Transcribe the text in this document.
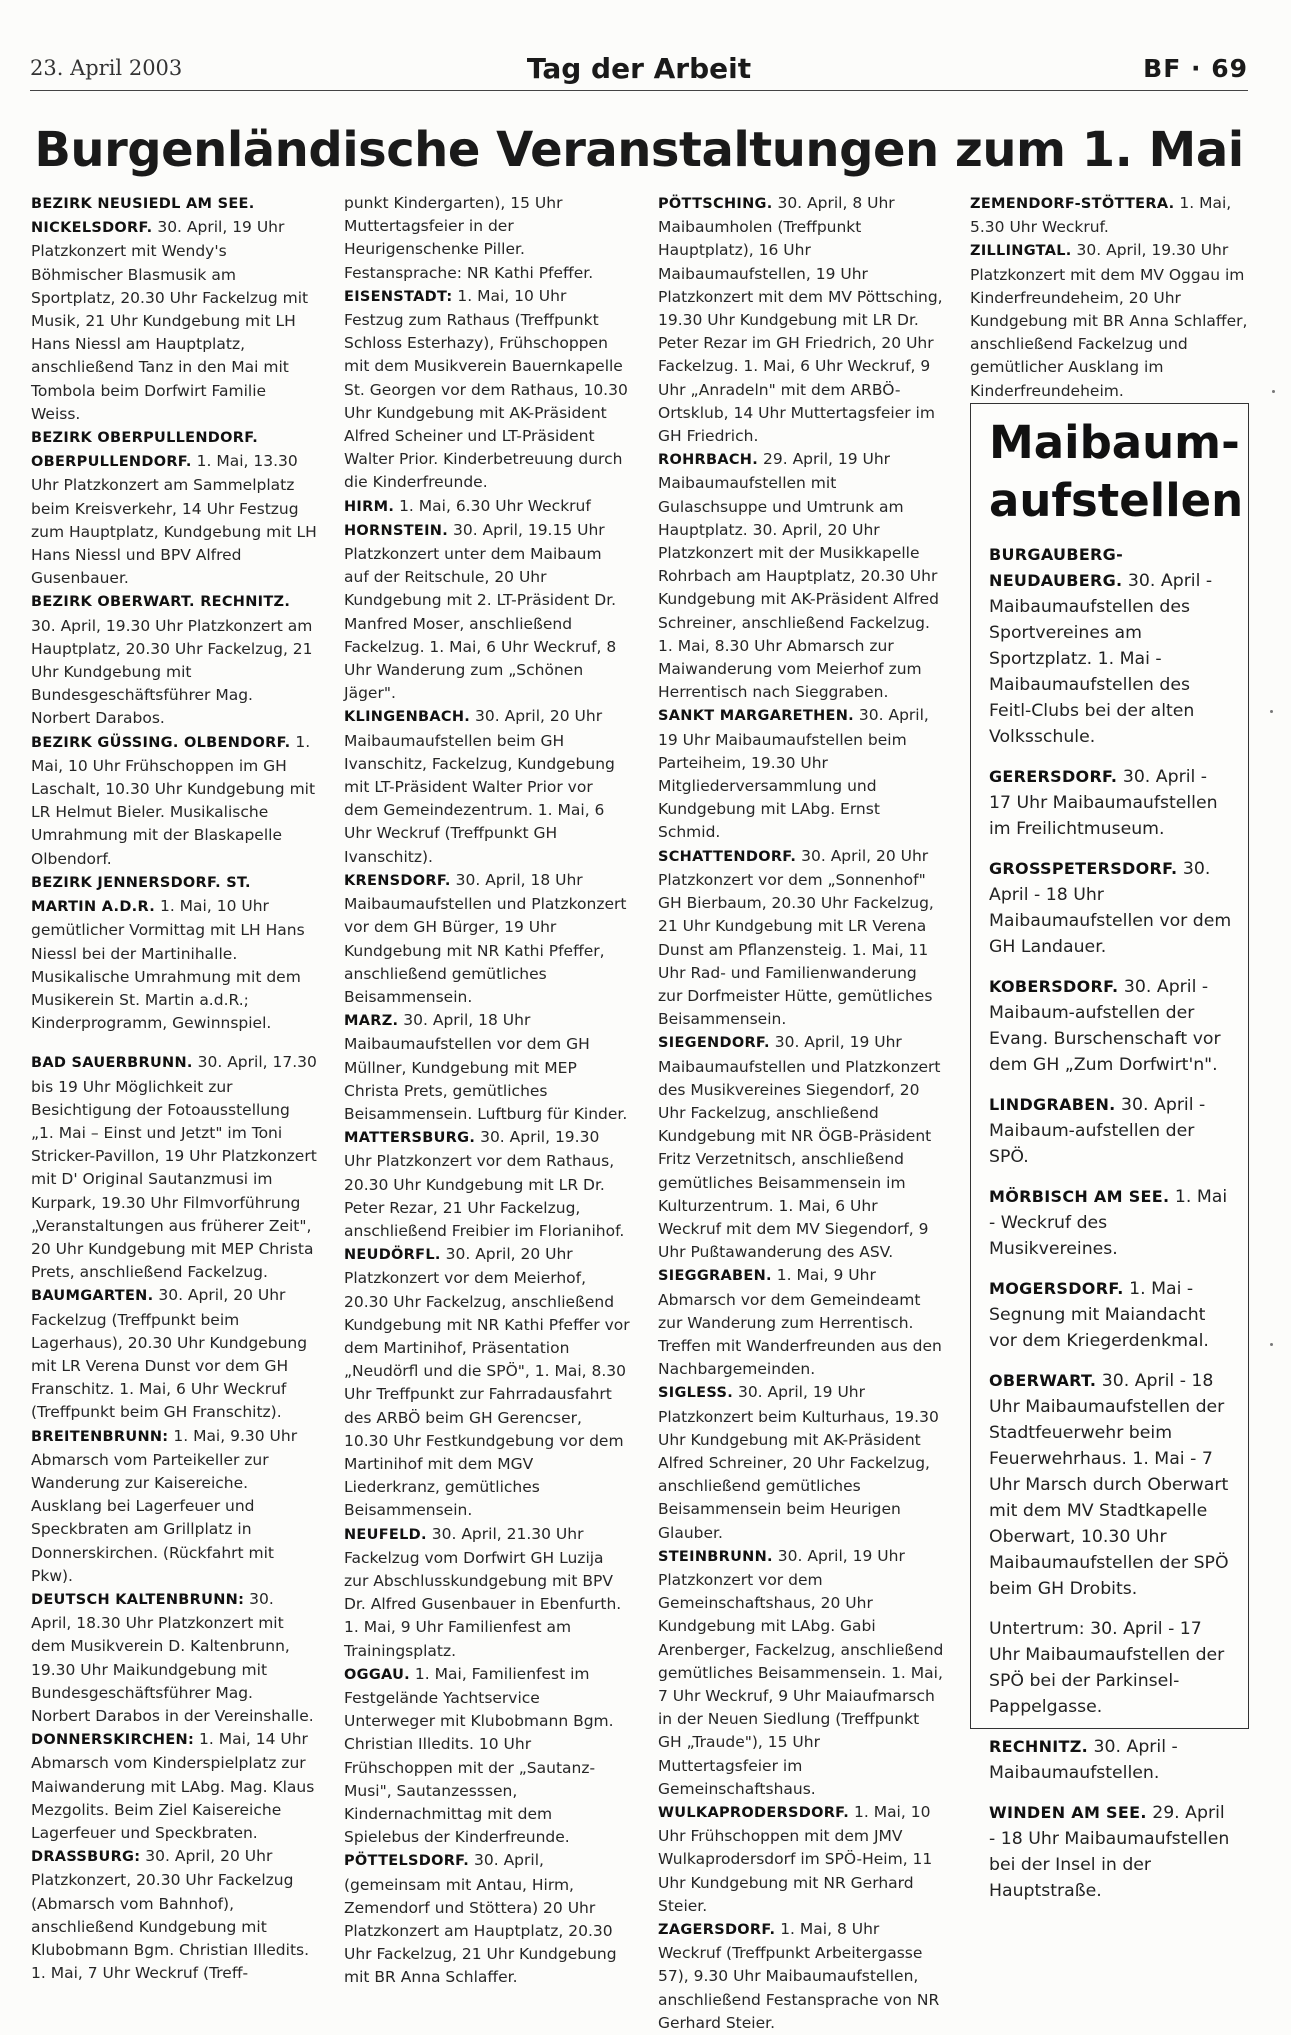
23. April 2003	Tag der Arbeit	BF · 69
Burgenländische Veranstaltungen zum 1. Mai

BEZIRK NEUSIEDL AM SEE. NICKELSDORF. 30. April, 19 Uhr Platzkonzert mit Wendy's Böhmischer Blasmusik am Sportplatz, 20.30 Uhr Fackelzug mit Musik, 21 Uhr Kundgebung mit LH Hans Niessl am Hauptplatz, anschließend Tanz in den Mai mit Tombola beim Dorfwirt Familie Weiss.

BEZIRK OBERPULLENDORF. OBERPULLENDORF. 1. Mai, 13.30 Uhr Platzkonzert am Sammelplatz beim Kreisverkehr, 14 Uhr Festzug zum Hauptplatz, Kundgebung mit LH Hans Niessl und BPV Alfred Gusenbauer.

BEZIRK OBERWART. RECHNITZ. 30. April, 19.30 Uhr Platzkonzert am Hauptplatz, 20.30 Uhr Fackelzug, 21 Uhr Kundgebung mit Bundesgeschäftsführer Mag. Norbert Darabos.

BEZIRK GÜSSING. OLBENDORF. 1. Mai, 10 Uhr Frühschoppen im GH Laschalt, 10.30 Uhr Kundgebung mit LR Helmut Bieler. Musikalische Umrahmung mit der Blaskapelle Olbendorf.

BEZIRK JENNERSDORF. ST. MARTIN A.D.R. 1. Mai, 10 Uhr gemütlicher Vormittag mit LH Hans Niessl bei der Martinihalle. Musikalische Umrahmung mit dem Musikerein St. Martin a.d.R.; Kinderprogramm, Gewinnspiel.

BAD SAUERBRUNN. 30. April, 17.30 bis 19 Uhr Möglichkeit zur Besichtigung der Fotoausstellung „1. Mai – Einst und Jetzt" im Toni Stricker-Pavillon, 19 Uhr Platzkonzert mit D' Original Sautanzmusi im Kurpark, 19.30 Uhr Filmvorführung „Veranstaltungen aus früherer Zeit", 20 Uhr Kundgebung mit MEP Christa Prets, anschließend Fackelzug.

BAUMGARTEN. 30. April, 20 Uhr Fackelzug (Treffpunkt beim Lagerhaus), 20.30 Uhr Kundgebung mit LR Verena Dunst vor dem GH Franschitz. 1. Mai, 6 Uhr Weckruf (Treffpunkt beim GH Franschitz).

BREITENBRUNN: 1. Mai, 9.30 Uhr Abmarsch vom Parteikeller zur Wanderung zur Kaisereiche. Ausklang bei Lagerfeuer und Speckbraten am Grillplatz in Donnerskirchen. (Rückfahrt mit Pkw).

DEUTSCH KALTENBRUNN: 30. April, 18.30 Uhr Platzkonzert mit dem Musikverein D. Kaltenbrunn, 19.30 Uhr Maikundgebung mit Bundesgeschäftsführer Mag. Norbert Darabos in der Vereinshalle.

DONNERSKIRCHEN: 1. Mai, 14 Uhr Abmarsch vom Kinderspielplatz zur Maiwanderung mit LAbg. Mag. Klaus Mezgolits. Beim Ziel Kaisereiche Lagerfeuer und Speckbraten.

DRASSBURG: 30. April, 20 Uhr Platzkonzert, 20.30 Uhr Fackelzug (Abmarsch vom Bahnhof), anschließend Kundgebung mit Klubobmann Bgm. Christian Illedits. 1. Mai, 7 Uhr Weckruf (Treff-

punkt Kindergarten), 15 Uhr Muttertagsfeier in der Heurigenschenke Piller. Festansprache: NR Kathi Pfeffer.

EISENSTADT: 1. Mai, 10 Uhr Festzug zum Rathaus (Treffpunkt Schloss Esterhazy), Frühschoppen mit dem Musikverein Bauernkapelle St. Georgen vor dem Rathaus, 10.30 Uhr Kundgebung mit AK-Präsident Alfred Scheiner und LT-Präsident Walter Prior. Kinderbetreuung durch die Kinderfreunde.

HIRM. 1. Mai, 6.30 Uhr Weckruf

HORNSTEIN. 30. April, 19.15 Uhr Platzkonzert unter dem Maibaum auf der Reitschule, 20 Uhr Kundgebung mit 2. LT-Präsident Dr. Manfred Moser, anschließend Fackelzug. 1. Mai, 6 Uhr Weckruf, 8 Uhr Wanderung zum „Schönen Jäger".

KLINGENBACH. 30. April, 20 Uhr Maibaumaufstellen beim GH Ivanschitz, Fackelzug, Kundgebung mit LT-Präsident Walter Prior vor dem Gemeindezentrum. 1. Mai, 6 Uhr Weckruf (Treffpunkt GH Ivanschitz).

KRENSDORF. 30. April, 18 Uhr Maibaumaufstellen und Platzkonzert vor dem GH Bürger, 19 Uhr Kundgebung mit NR Kathi Pfeffer, anschließend gemütliches Beisammensein.

MARZ. 30. April, 18 Uhr Maibaumaufstellen vor dem GH Müllner, Kundgebung mit MEP Christa Prets, gemütliches Beisammensein. Luftburg für Kinder.

MATTERSBURG. 30. April, 19.30 Uhr Platzkonzert vor dem Rathaus, 20.30 Uhr Kundgebung mit LR Dr. Peter Rezar, 21 Uhr Fackelzug, anschließend Freibier im Florianihof.

NEUDÖRFL. 30. April, 20 Uhr Platzkonzert vor dem Meierhof, 20.30 Uhr Fackelzug, anschließend Kundgebung mit NR Kathi Pfeffer vor dem Martinihof, Präsentation „Neudörfl und die SPÖ", 1. Mai, 8.30 Uhr Treffpunkt zur Fahrradausfahrt des ARBÖ beim GH Gerencser, 10.30 Uhr Festkundgebung vor dem Martinihof mit dem MGV Liederkranz, gemütliches Beisammensein.

NEUFELD. 30. April, 21.30 Uhr Fackelzug vom Dorfwirt GH Luzija zur Abschlusskundgebung mit BPV Dr. Alfred Gusenbauer in Ebenfurth. 1. Mai, 9 Uhr Familienfest am Trainingsplatz.

OGGAU. 1. Mai, Familienfest im Festgelände Yachtservice Unterweger mit Klubobmann Bgm. Christian Illedits. 10 Uhr Frühschoppen mit der „Sautanz-Musi", Sautanzesssen, Kindernachmittag mit dem Spielebus der Kinderfreunde.

PÖTTELSDORF. 30. April, (gemeinsam mit Antau, Hirm, Zemendorf und Stöttera) 20 Uhr Platzkonzert am Hauptplatz, 20.30 Uhr Fackelzug, 21 Uhr Kundgebung mit BR Anna Schlaffer.

PÖTTSCHING. 30. April, 8 Uhr Maibaumholen (Treffpunkt Hauptplatz), 16 Uhr Maibaumaufstellen, 19 Uhr Platzkonzert mit dem MV Pöttsching, 19.30 Uhr Kundgebung mit LR Dr. Peter Rezar im GH Friedrich, 20 Uhr Fackelzug. 1. Mai, 6 Uhr Weckruf, 9 Uhr „Anradeln" mit dem ARBÖ-Ortsklub, 14 Uhr Muttertagsfeier im GH Friedrich.

ROHRBACH. 29. April, 19 Uhr Maibaumaufstellen mit Gulaschsuppe und Umtrunk am Hauptplatz. 30. April, 20 Uhr Platzkonzert mit der Musikkapelle Rohrbach am Hauptplatz, 20.30 Uhr Kundgebung mit AK-Präsident Alfred Schreiner, anschließend Fackelzug. 1. Mai, 8.30 Uhr Abmarsch zur Maiwanderung vom Meierhof zum Herrentisch nach Sieggraben.

SANKT MARGARETHEN. 30. April, 19 Uhr Maibaumaufstellen beim Parteiheim, 19.30 Uhr Mitgliederversammlung und Kundgebung mit LAbg. Ernst Schmid.

SCHATTENDORF. 30. April, 20 Uhr Platzkonzert vor dem „Sonnenhof" GH Bierbaum, 20.30 Uhr Fackelzug, 21 Uhr Kundgebung mit LR Verena Dunst am Pflanzensteig. 1. Mai, 11 Uhr Rad- und Familienwanderung zur Dorfmeister Hütte, gemütliches Beisammensein.

SIEGENDORF. 30. April, 19 Uhr Maibaumaufstellen und Platzkonzert des Musikvereines Siegendorf, 20 Uhr Fackelzug, anschließend Kundgebung mit NR ÖGB-Präsident Fritz Verzetnitsch, anschließend gemütliches Beisammensein im Kulturzentrum. 1. Mai, 6 Uhr Weckruf mit dem MV Siegendorf, 9 Uhr Pußtawanderung des ASV.

SIEGGRABEN. 1. Mai, 9 Uhr Abmarsch vor dem Gemeindeamt zur Wanderung zum Herrentisch. Treffen mit Wanderfreunden aus den Nachbargemeinden.

SIGLESS. 30. April, 19 Uhr Platzkonzert beim Kulturhaus, 19.30 Uhr Kundgebung mit AK-Präsident Alfred Schreiner, 20 Uhr Fackelzug, anschließend gemütliches Beisammensein beim Heurigen Glauber.

STEINBRUNN. 30. April, 19 Uhr Platzkonzert vor dem Gemeinschaftshaus, 20 Uhr Kundgebung mit LAbg. Gabi Arenberger, Fackelzug, anschließend gemütliches Beisammensein. 1. Mai, 7 Uhr Weckruf, 9 Uhr Maiaufmarsch in der Neuen Siedlung (Treffpunkt GH „Traude"), 15 Uhr Muttertagsfeier im Gemeinschaftshaus.

WULKAPRODERSDORF. 1. Mai, 10 Uhr Frühschoppen mit dem JMV Wulkaprodersdorf im SPÖ-Heim, 11 Uhr Kundgebung mit NR Gerhard Steier.

ZAGERSDORF. 1. Mai, 8 Uhr Weckruf (Treffpunkt Arbeitergasse 57), 9.30 Uhr Maibaumaufstellen, anschließend Festansprache von NR Gerhard Steier.

ZEMENDORF-STÖTTERA. 1. Mai, 5.30 Uhr Weckruf.

ZILLINGTAL. 30. April, 19.30 Uhr Platzkonzert mit dem MV Oggau im Kinderfreundeheim, 20 Uhr Kundgebung mit BR Anna Schlaffer, anschließend Fackelzug und gemütlicher Ausklang im Kinderfreundeheim.

Maibaum-aufstellen

BURGAUBERG-NEUDAUBERG. 30. April - Maibaumaufstellen des Sportvereines am Sportzplatz. 1. Mai - Maibaumaufstellen des Feitl-Clubs bei der alten Volksschule.

GERERSDORF. 30. April - 17 Uhr Maibaumaufstellen im Freilichtmuseum.

GROSSPETERSDORF. 30. April - 18 Uhr Maibaumaufstellen vor dem GH Landauer.

KOBERSDORF. 30. April - Maibaum-aufstellen der Evang. Burschenschaft vor dem GH „Zum Dorfwirt'n".

LINDGRABEN. 30. April - Maibaum-aufstellen der SPÖ.

MÖRBISCH AM SEE. 1. Mai - Weckruf des Musikvereines.

MOGERSDORF. 1. Mai - Segnung mit Maiandacht vor dem Kriegerdenkmal.

OBERWART. 30. April - 18 Uhr Maibaumaufstellen der Stadtfeuerwehr beim Feuerwehrhaus. 1. Mai - 7 Uhr Marsch durch Oberwart mit dem MV Stadtkapelle Oberwart, 10.30 Uhr Maibaumaufstellen der SPÖ beim GH Drobits.

Untertrum: 30. April - 17 Uhr Maibaumaufstellen der SPÖ bei der Parkinsel-Pappelgasse.

RECHNITZ. 30. April - Maibaumaufstellen.

WINDEN AM SEE. 29. April - 18 Uhr Maibaumaufstellen bei der Insel in der Hauptstraße.
